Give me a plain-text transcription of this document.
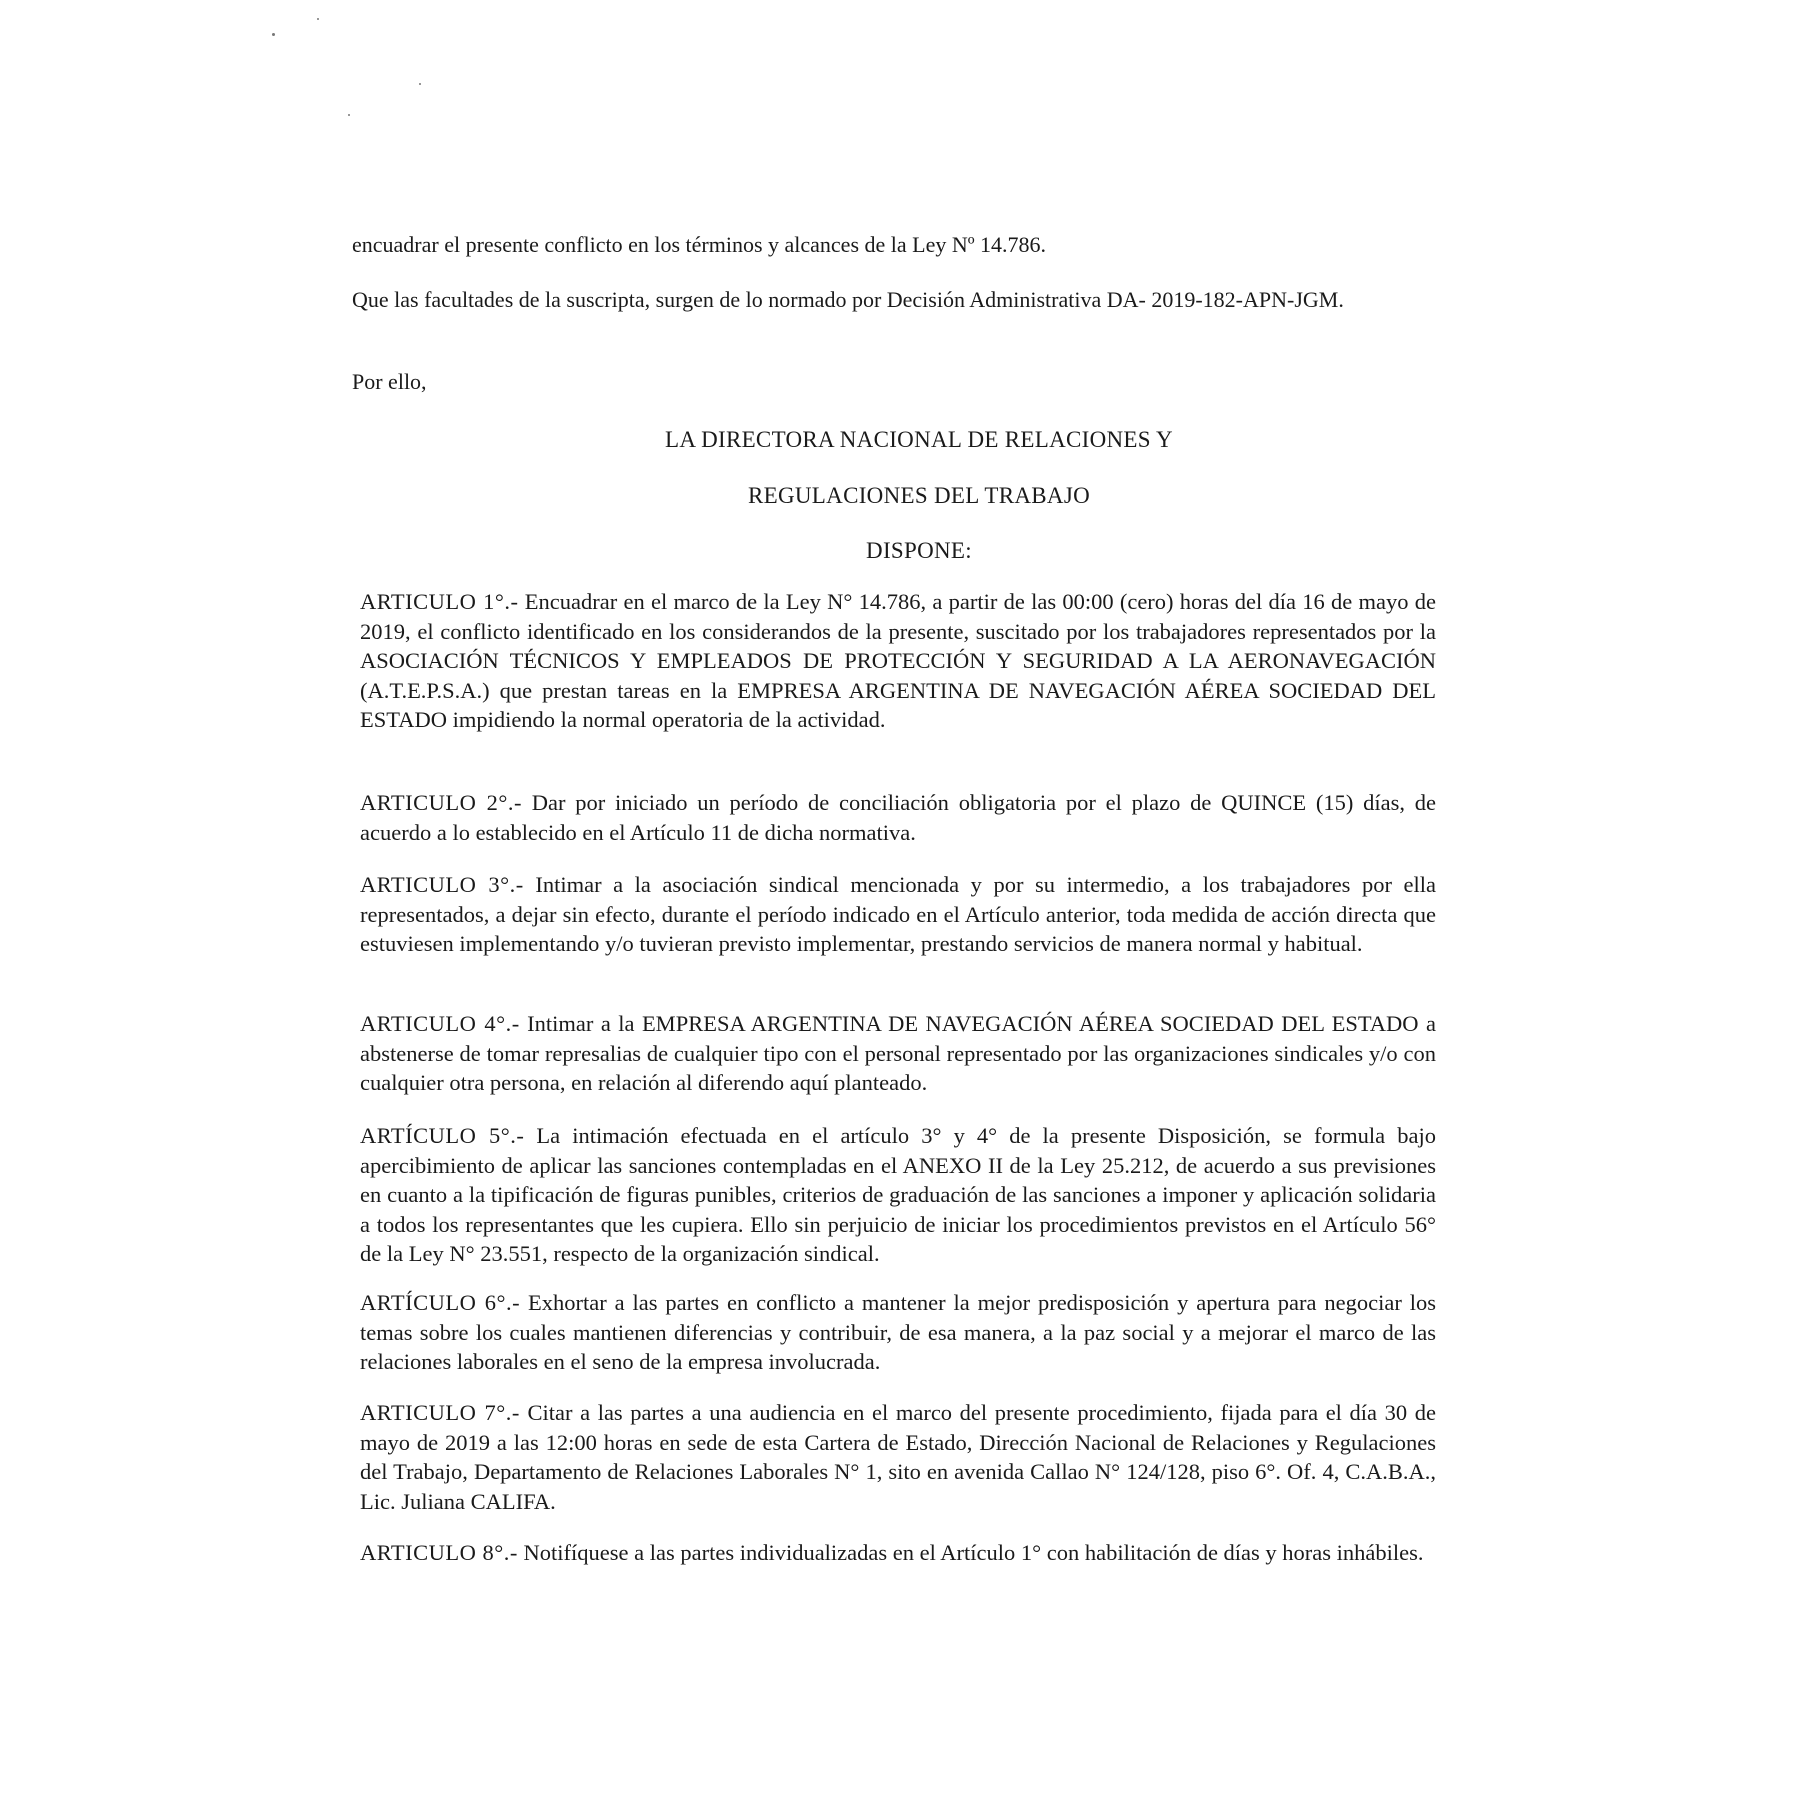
encuadrar el presente conflicto en los términos y alcances de la Ley Nº 14.786.

Que las facultades de la suscripta, surgen de lo normado por Decisión Administrativa DA- 2019-182-APN-JGM.

Por ello,

LA DIRECTORA NACIONAL DE RELACIONES Y

REGULACIONES DEL TRABAJO

DISPONE:

ARTICULO 1°.- Encuadrar en el marco de la Ley N° 14.786, a partir de las 00:00 (cero) horas del día 16 de mayo de 2019, el conflicto identificado en los considerandos de la presente, suscitado por los trabajadores representados por la ASOCIACIÓN TÉCNICOS Y EMPLEADOS DE PROTECCIÓN Y SEGURIDAD A LA AERONAVEGACIÓN (A.T.E.P.S.A.) que prestan tareas en la EMPRESA ARGENTINA DE NAVEGACIÓN AÉREA SOCIEDAD DEL ESTADO impidiendo la normal operatoria de la actividad.

ARTICULO 2°.- Dar por iniciado un período de conciliación obligatoria por el plazo de QUINCE (15) días, de acuerdo a lo establecido en el Artículo 11 de dicha normativa.

ARTICULO 3°.- Intimar a la asociación sindical mencionada y por su intermedio, a los trabajadores por ella representados, a dejar sin efecto, durante el período indicado en el Artículo anterior, toda medida de acción directa que estuviesen implementando y/o tuvieran previsto implementar, prestando servicios de manera normal y habitual.

ARTICULO 4°.- Intimar a la EMPRESA ARGENTINA DE NAVEGACIÓN AÉREA SOCIEDAD DEL ESTADO a abstenerse de tomar represalias de cualquier tipo con el personal representado por las organizaciones sindicales y/o con cualquier otra persona, en relación al diferendo aquí planteado.

ARTÍCULO 5°.- La intimación efectuada en el artículo 3° y 4° de la presente Disposición, se formula bajo apercibimiento de aplicar las sanciones contempladas en el ANEXO II de la Ley 25.212, de acuerdo a sus previsiones en cuanto a la tipificación de figuras punibles, criterios de graduación de las sanciones a imponer y aplicación solidaria a todos los representantes que les cupiera. Ello sin perjuicio de iniciar los procedimientos previstos en el Artículo 56° de la Ley N° 23.551, respecto de la organización sindical.

ARTÍCULO 6°.- Exhortar a las partes en conflicto a mantener la mejor predisposición y apertura para negociar los temas sobre los cuales mantienen diferencias y contribuir, de esa manera, a la paz social y a mejorar el marco de las relaciones laborales en el seno de la empresa involucrada.

ARTICULO 7°.- Citar a las partes a una audiencia en el marco del presente procedimiento, fijada para el día 30 de mayo de 2019 a las 12:00 horas en sede de esta Cartera de Estado, Dirección Nacional de Relaciones y Regulaciones del Trabajo, Departamento de Relaciones Laborales N° 1, sito en avenida Callao N° 124/128, piso 6°. Of. 4, C.A.B.A., Lic. Juliana CALIFA.

ARTICULO 8°.- Notifíquese a las partes individualizadas en el Artículo 1° con habilitación de días y horas inhábiles.
